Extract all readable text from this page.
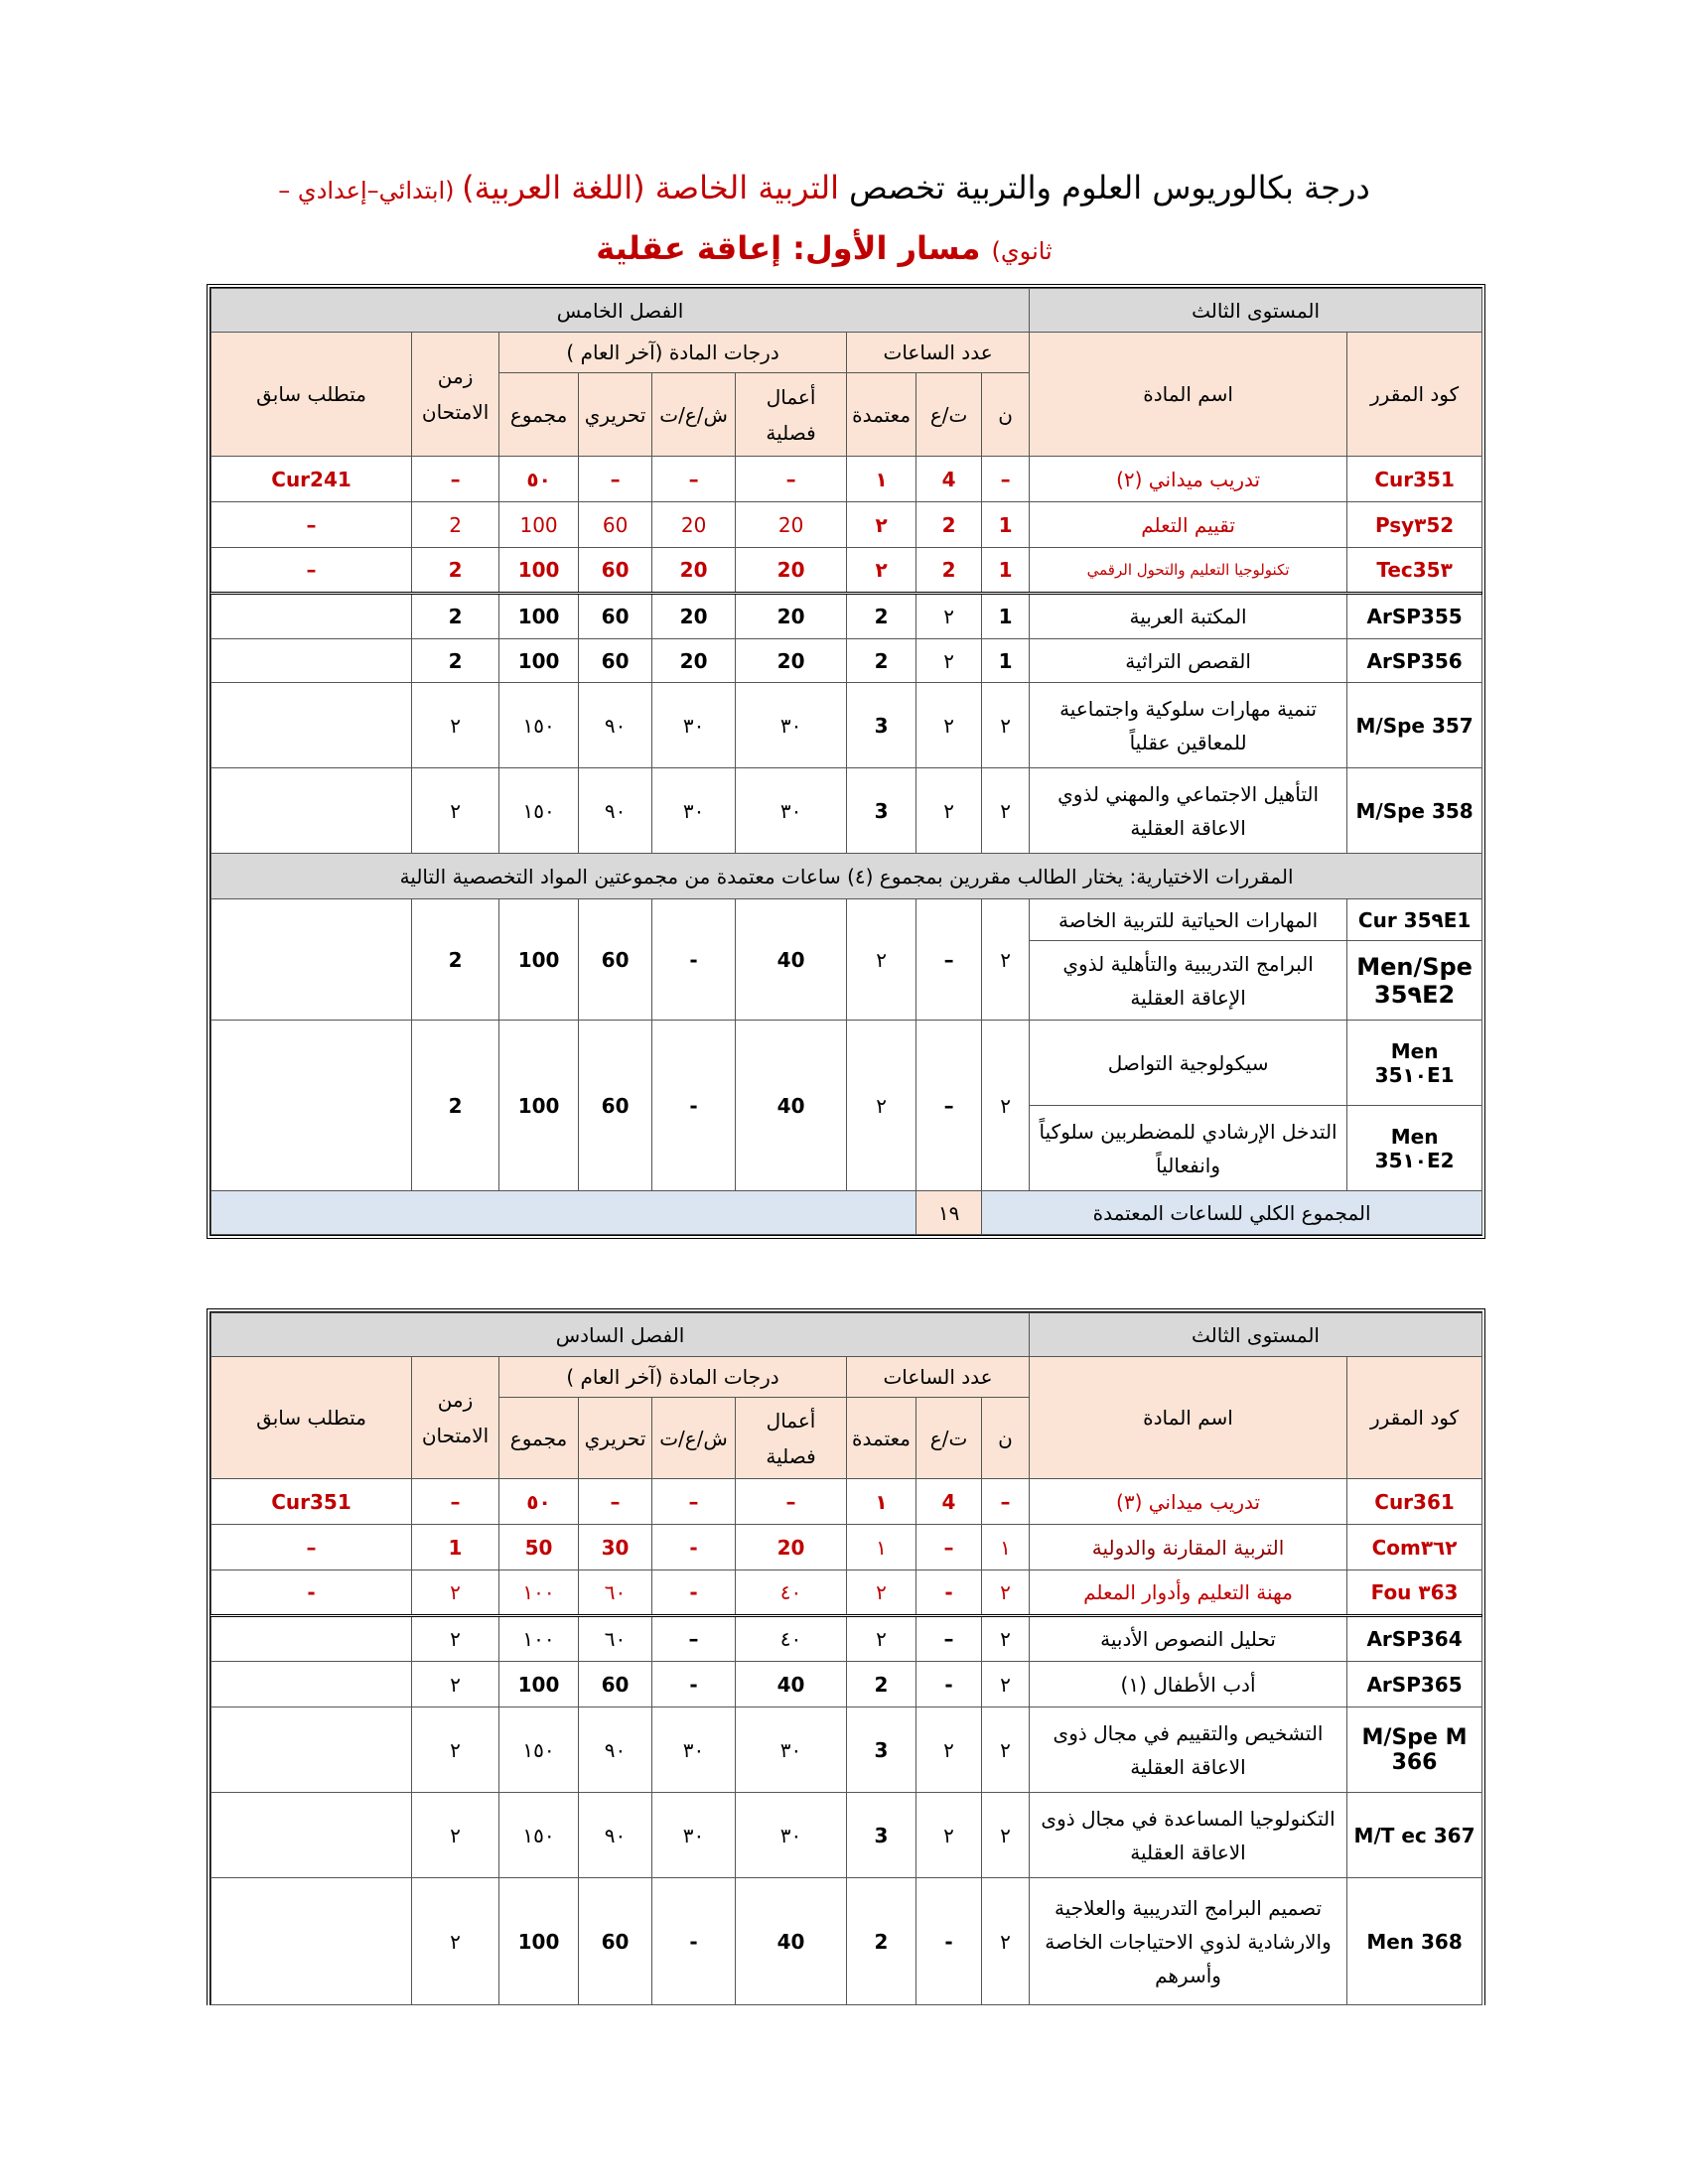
درجة بكالوريوس العلوم والتربية تخصص التربية الخاصة (اللغة العربية) (ابتدائي–إعدادي –
ثانوي) مسار الأول: إعاقة عقلية
المستوى الثالث		الفصل الخامس								
كود المقرر	اسم المادة	عدد الساعات			درجات المادة (آخر العام )				زمن الامتحان	متطلب سابق
		ن	ت/ع	معتمدة	أعمال فصلية	ش/ع/ت	تحريري	مجموع		
Cur351	تدريب ميداني (٢)	–	4	١	–	–	–	٥٠	–	Cur241
Psy٣52	تقييم التعلم	1	2	٢	20	20	60	100	2	–
Tec35٣	تكنولوجيا التعليم والتحول الرقمي	1	2	٢	20	20	60	100	2	–
ArSP355	المكتبة العربية	1	٢	2	20	20	60	100	2	
ArSP356	القصص التراثية	1	٢	2	20	20	60	100	2	
M/Spe 357	تنمية مهارات سلوكية واجتماعية للمعاقين عقلياً	٢	٢	3	٣٠	٣٠	٩٠	١٥٠	٢	
M/Spe 358	التأهيل الاجتماعي والمهني لذوي الاعاقة العقلية	٢	٢	3	٣٠	٣٠	٩٠	١٥٠	٢	
المقررات الاختيارية: يختار الطالب مقررين بمجموع (٤) ساعات معتمدة من مجموعتين المواد التخصصية التالية										
Cur 35٩E1	المهارات الحياتية للتربية الخاصة	٢	–	٢	40	-	60	100	2	
Men/Spe 35٩E2	البرامج التدريبية والتأهلية لذوي الإعاقة العقلية									
Men 35١٠E1	سيكولوجية التواصل	٢	–	٢	40	-	60	100	2	
Men 35١٠E2	التدخل الإرشادي للمضطربين سلوكياً وانفعالياً									
المجموع الكلي للساعات المعتمدة			١٩							
المستوى الثالث		الفصل السادس								
كود المقرر	اسم المادة	عدد الساعات			درجات المادة (آخر العام )				زمن الامتحان	متطلب سابق
		ن	ت/ع	معتمدة	أعمال فصلية	ش/ع/ت	تحريري	مجموع		
Cur361	تدريب ميداني (٣)	–	4	١	–	–	–	٥٠	–	Cur351
Com٣٦٢	التربية المقارنة والدولية	١	–	١	20	-	30	50	1	–
Fou ٣63	مهنة التعليم وأدوار المعلم	٢	-	٢	٤٠	-	٦٠	١٠٠	٢	-
ArSP364	تحليل النصوص الأدبية	٢	–	٢	٤٠	–	٦٠	١٠٠	٢	
ArSP365	أدب الأطفال (١)	٢	-	2	40	-	60	100	٢	
M/Spe M 366	التشخيص والتقييم في مجال ذوى الاعاقة العقلية	٢	٢	3	٣٠	٣٠	٩٠	١٥٠	٢	
M/T ec 367	التكنولوجيا المساعدة في مجال ذوى الاعاقة العقلية	٢	٢	3	٣٠	٣٠	٩٠	١٥٠	٢	
Men 368	تصميم البرامج التدريبية والعلاجية والارشادية لذوي الاحتياجات الخاصة وأسرهم	٢	-	2	40	-	60	100	٢	
